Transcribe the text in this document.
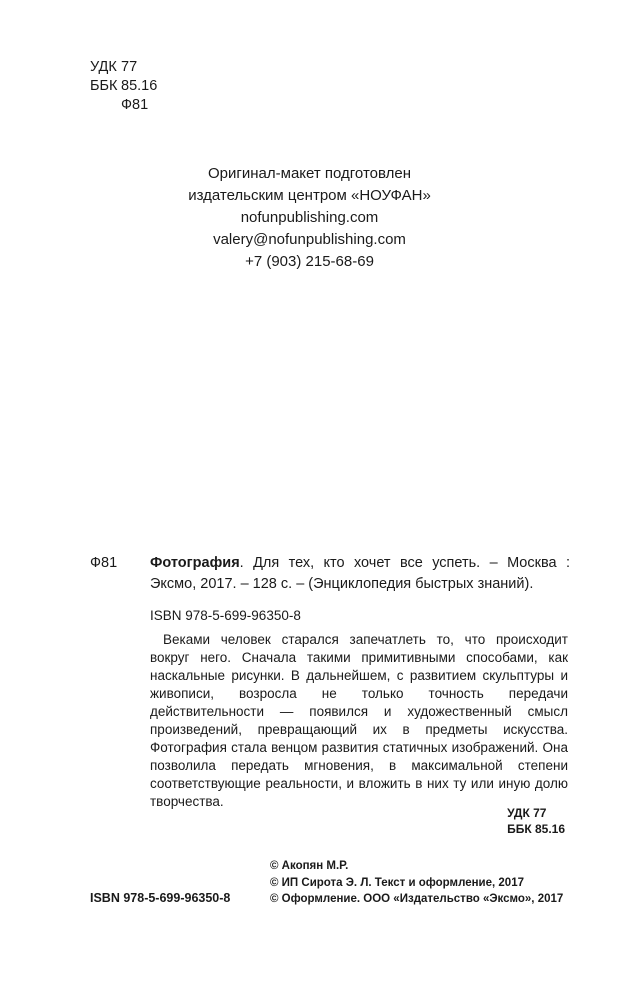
УДК 77
ББК 85.16
Ф81
Оригинал-макет подготовлен
издательским центром «НОУФАН»
nofunpublishing.com
valery@nofunpublishing.com
+7 (903) 215-68-69
Ф81 Фотография. Для тех, кто хочет все успеть. – Москва : Эксмо, 2017. – 128 с. – (Энциклопедия быстрых знаний).
ISBN 978-5-699-96350-8
Веками человек старался запечатлеть то, что происходит вокруг него. Сначала такими примитивными способами, как наскальные рисунки. В дальнейшем, с развитием скульптуры и живописи, возросла не только точность передачи действительности — появился и художественный смысл произведений, превращающий их в предметы искусства. Фотография стала венцом развития статичных изображений. Она позволила передать мгновения, в максимальной степени соответствующие реальности, и вложить в них ту или иную долю творчества.
УДК 77
ББК 85.16
© Акопян М.Р.
© ИП Сирота Э. Л. Текст и оформление, 2017
© Оформление. ООО «Издательство «Эксмо», 2017
ISBN 978-5-699-96350-8
